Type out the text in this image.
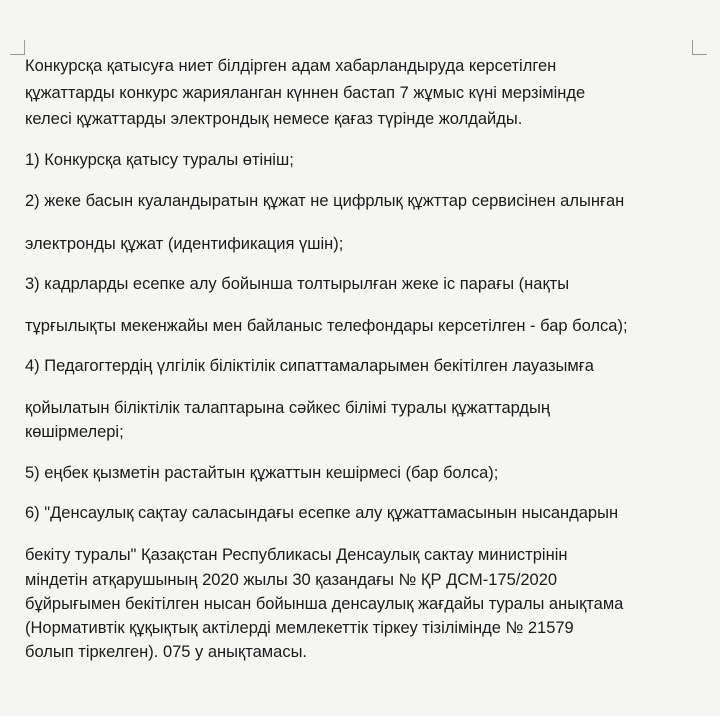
Конкурсқа қатысуға ниет білдірген адам хабарландыруда керсетілген
құжаттарды конкурс жарияланган күннен бастап 7 жұмыс күні мерзімінде
келесі құжаттарды электрондық немесе қағаз түрінде жолдайды.
1) Конкурсқа қатысу туралы өтініш;
2) жеке басын куаландыратын құжат не цифрлық құжттар сервисінен алынған
электронды құжат (идентификация үшін);
3) кадрларды есепке алу бойынша толтырылған жеке іс парағы (нақты
тұрғылықты мекенжайы мен байланыс телефондары керсетілген - бар болса);
4) Педагогтердің үлгілік біліктілік сипаттамаларымен бекітілген лауазымға
қойылатын біліктілік талаптарына сәйкес білімі туралы құжаттардың
көшірмелері;
5) еңбек қызметін растайтын құжаттын кешірмесі (бар болса);
6) "Денсаулық сақтау саласындағы есепке алу құжаттамасынын нысандарын
бекіту туралы" Қазақстан Республикасы Денсаулық сактау министрінін
міндетін атқарушының 2020 жылы 30 қазандағы № ҚР ДСМ-175/2020
бұйрығымен бекітілген нысан бойынша денсаулық жағдайы туралы анықтама
(Нормативтік құқықтық актілерді мемлекеттік тіркеу тізілімінде № 21579
болып тіркелген). 075 у анықтамасы.
